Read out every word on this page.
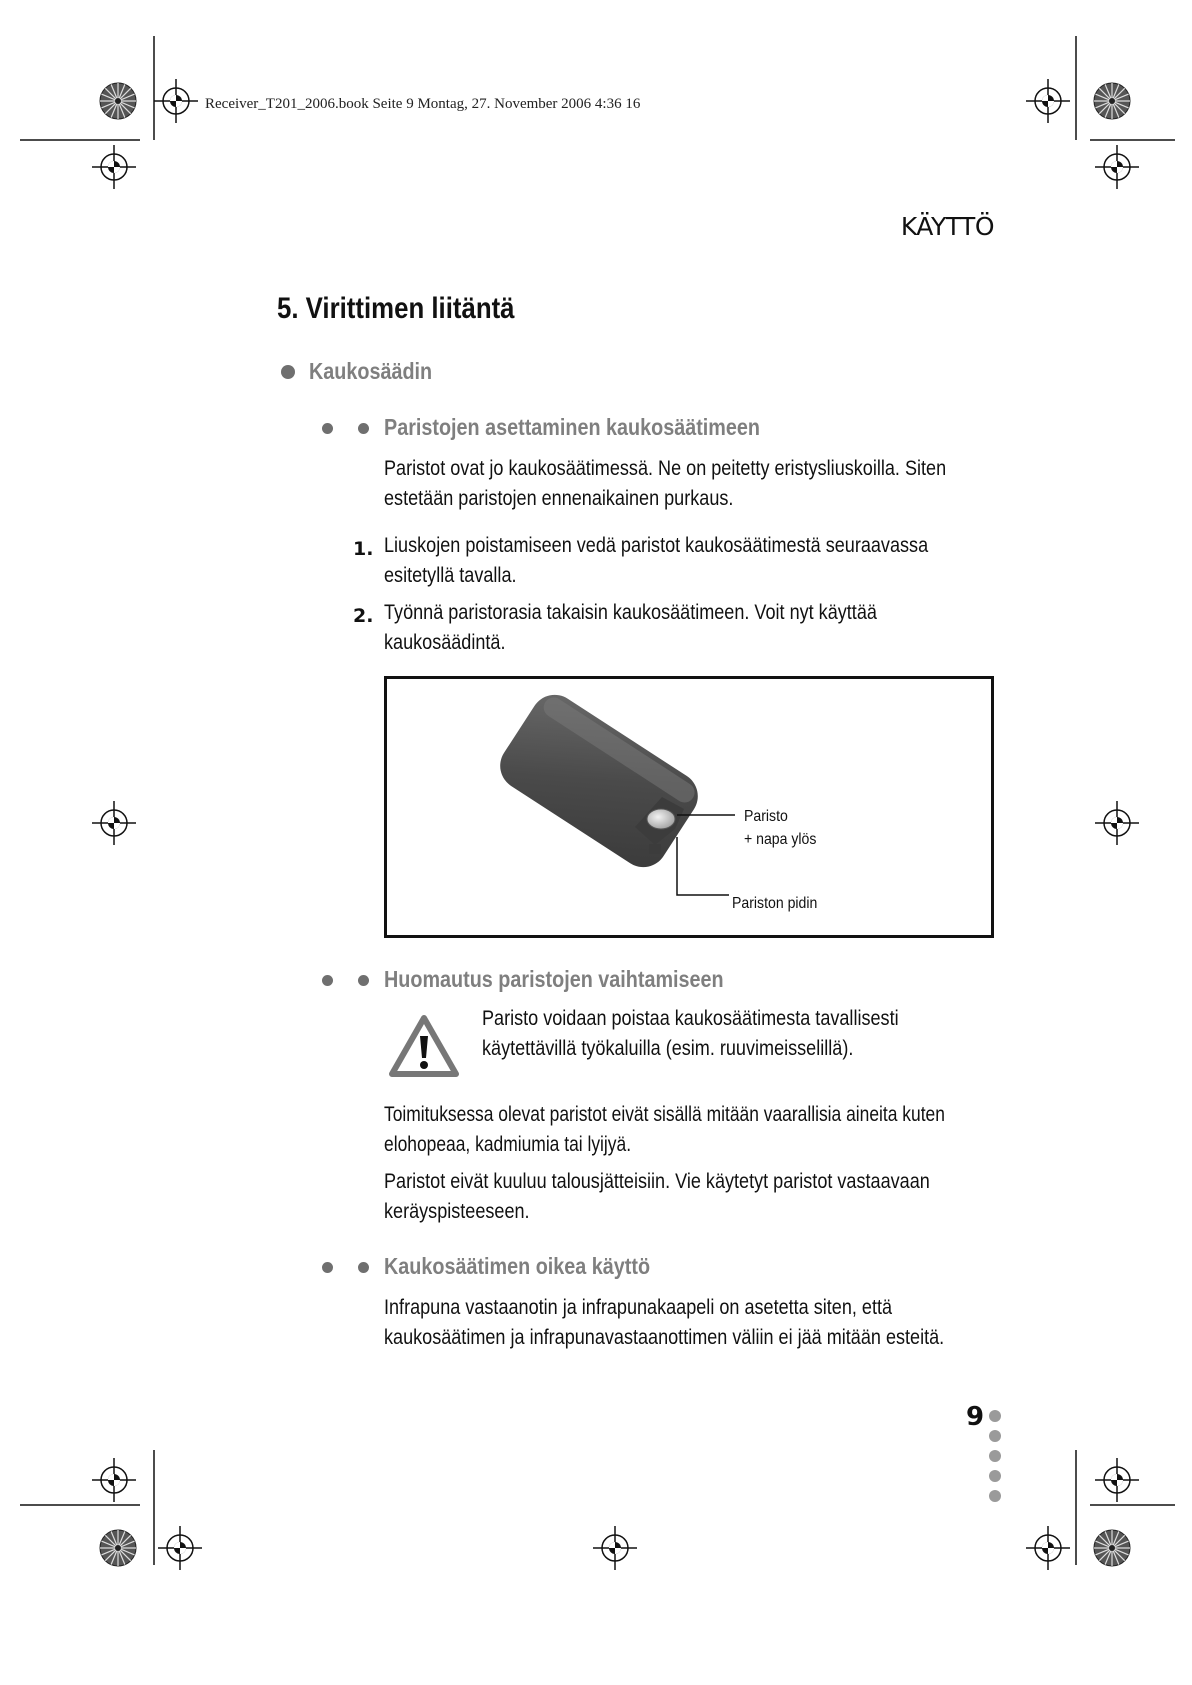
Receiver_T201_2006.book Seite 9 Montag, 27. November 2006 4:36 16
KÄYTTÖ
5. Virittimen liitäntä
Kaukosäädin
Paristojen asettaminen kaukosäätimeen
Paristot ovat jo kaukosäätimessä. Ne on peitetty eristysliuskoilla. Siten
estetään paristojen ennenaikainen purkaus.
1. Liuskojen poistamiseen vedä paristot kaukosäätimestä seuraavassa
esitetyllä tavalla.
2. Työnnä paristorasia takaisin kaukosäätimeen. Voit nyt käyttää
kaukosäädintä.
Paristo
+ napa ylös
Pariston pidin
Huomautus paristojen vaihtamiseen
Paristo voidaan poistaa kaukosäätimesta tavallisesti
käytettävillä työkaluilla (esim. ruuvimeisselillä).
Toimituksessa olevat paristot eivät sisällä mitään vaarallisia aineita kuten
elohopeaa, kadmiumia tai lyijyä.
Paristot eivät kuuluu talousjätteisiin. Vie käytetyt paristot vastaavaan
keräyspisteeseen.
Kaukosäätimen oikea käyttö
Infrapuna vastaanotin ja infrapunakaapeli on asetetta siten, että
kaukosäätimen ja infrapunavastaanottimen väliin ei jää mitään esteitä.
9
